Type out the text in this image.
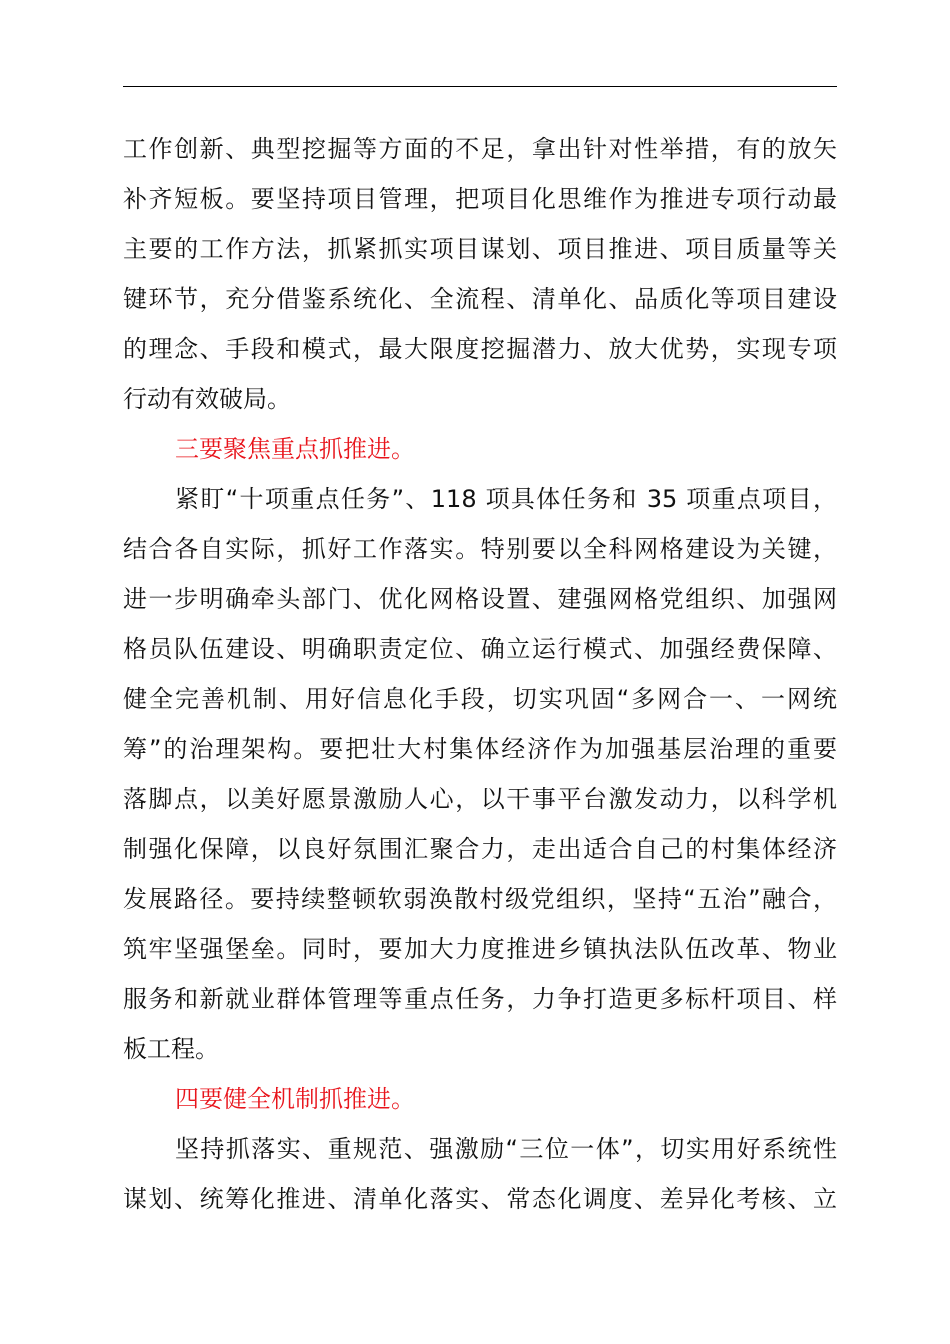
工作创新、典型挖掘等方面的不足，拿出针对性举措，有的放矢
补齐短板。要坚持项目管理，把项目化思维作为推进专项行动最
主要的工作方法，抓紧抓实项目谋划、项目推进、项目质量等关
键环节，充分借鉴系统化、全流程、清单化、品质化等项目建设
的理念、手段和模式，最大限度挖掘潜力、放大优势，实现专项
行动有效破局。
三要聚焦重点抓推进。
紧盯“十项重点任务”、118 项具体任务和 35 项重点项目，
结合各自实际，抓好工作落实。特别要以全科网格建设为关键，
进一步明确牵头部门、优化网格设置、建强网格党组织、加强网
格员队伍建设、明确职责定位、确立运行模式、加强经费保障、
健全完善机制、用好信息化手段，切实巩固“多网合一、一网统
筹”的治理架构。要把壮大村集体经济作为加强基层治理的重要
落脚点，以美好愿景激励人心，以干事平台激发动力，以科学机
制强化保障，以良好氛围汇聚合力，走出适合自己的村集体经济
发展路径。要持续整顿软弱涣散村级党组织，坚持“五治”融合，
筑牢坚强堡垒。同时，要加大力度推进乡镇执法队伍改革、物业
服务和新就业群体管理等重点任务，力争打造更多标杆项目、样
板工程。
四要健全机制抓推进。
坚持抓落实、重规范、强激励“三位一体”，切实用好系统性
谋划、统筹化推进、清单化落实、常态化调度、差异化考核、立
